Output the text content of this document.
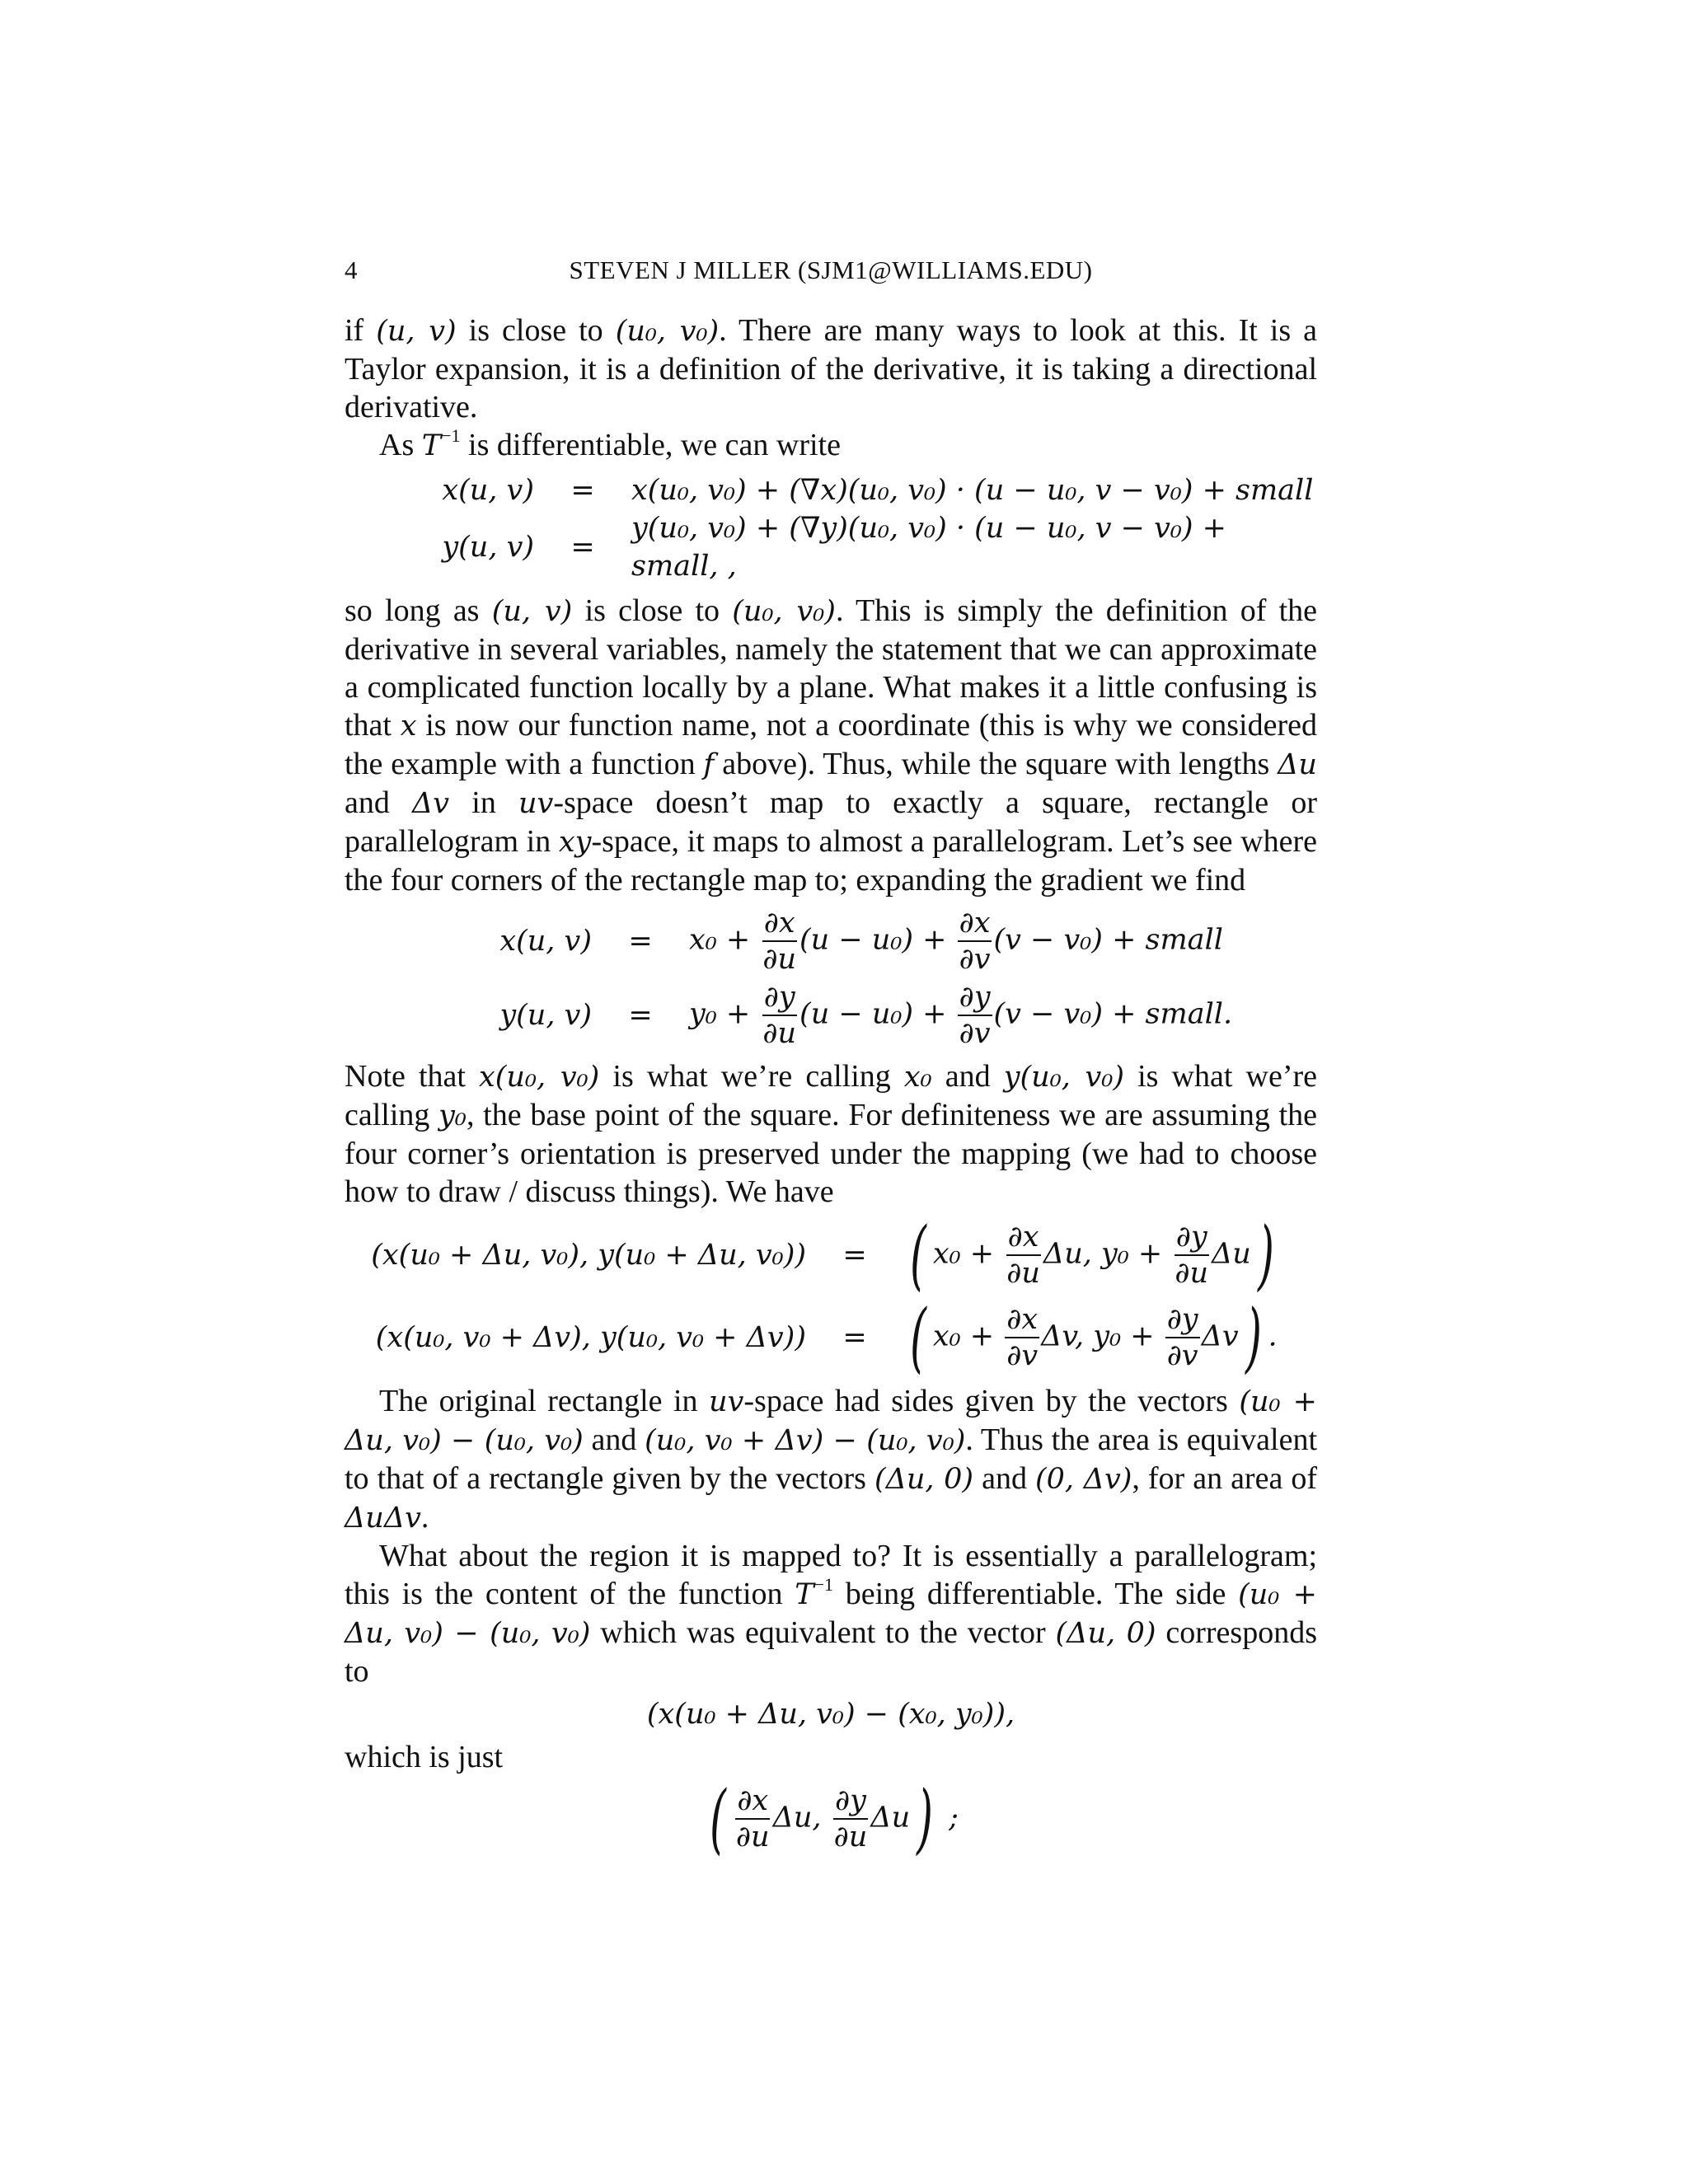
4	STEVEN J MILLER (SJM1@WILLIAMS.EDU)

if (u, v) is close to (u₀, v₀). There are many ways to look at this. It is a Taylor expansion, it is a definition of the derivative, it is taking a directional derivative.

As $T^{-1}$ is differentiable, we can write

x(u, v) = x(u₀, v₀) + (∇x)(u₀, v₀) · (u − u₀, v − v₀) + small
y(u, v) =
y(u₀, v₀) + (∇y)(u₀, v₀) · (u − u₀, v − v₀) + small, ,

so long as (u, v) is close to (u₀, v₀). This is simply the definition of the derivative in several variables, namely the statement that we can approximate a complicated function locally by a plane. What makes it a little confusing is that x is now our function name, not a coordinate (this is why we considered the example with a function f above). Thus, while the square with lengths Δu and Δv in uv-space doesn’t map to exactly a square, rectangle or parallelogram in xy-space, it maps to almost a parallelogram. Let’s see where the four corners of the rectangle map to; expanding the gradient we find

x(u, $v) = x_0 + \frac{\partial x}{\partial u} (u - u_0) + \frac{\partial x}{\partial v} (v - v_0)$ + small
y(u, $v) = y_0 + \frac{\partial y}{\partial u} (u - u_0) + \frac{\partial y}{\partial v} (v - v_0)$ + small.

Note that x(u₀, v₀) is what we’re calling x₀ and y(u₀, v₀) is what we’re calling y₀, the base point of the square. For definiteness we are assuming the four corner’s orientation is preserved under the mapping (we had to choose how to draw / discuss things). We have

(x(u₀ + Δu, v₀), y(u₀ + Δu, v₀)) = ( $x_0 + \frac{\partial x}{\partial u} \Delta u$, $y_0 + \frac{\partial y}{\partial u} \Delta u$)
(x(u₀, v₀ + Δv), y(u₀, v₀ + Δv)) = ( $x_0 + \frac{\partial x}{\partial v} \Delta v$, $y_0 + \frac{\partial y}{\partial v} \Delta v$) .

The original rectangle in uv-space had sides given by the vectors (u₀ + Δu, v₀) − (u₀, v₀) and (u₀, v₀ + Δv) − (u₀, v₀). Thus the area is equivalent to that of a rectangle given by the vectors (Δu, 0) and (0, Δv), for an area of ΔuΔv.

What about the region it is mapped to? It is essentially a parallelogram; this is the content of the function $T^{-1}$ being differentiable. The side (u₀ + Δu, v₀) − (u₀, v₀) which was equivalent to the vector (Δu, 0) corresponds to

(x(u₀ + Δu, v₀) − (x₀, y₀)),

which is just

( $\frac{\partial x}{\partial u} \Delta u$, $\frac{\partial y}{\partial u} \Delta u$) ;
